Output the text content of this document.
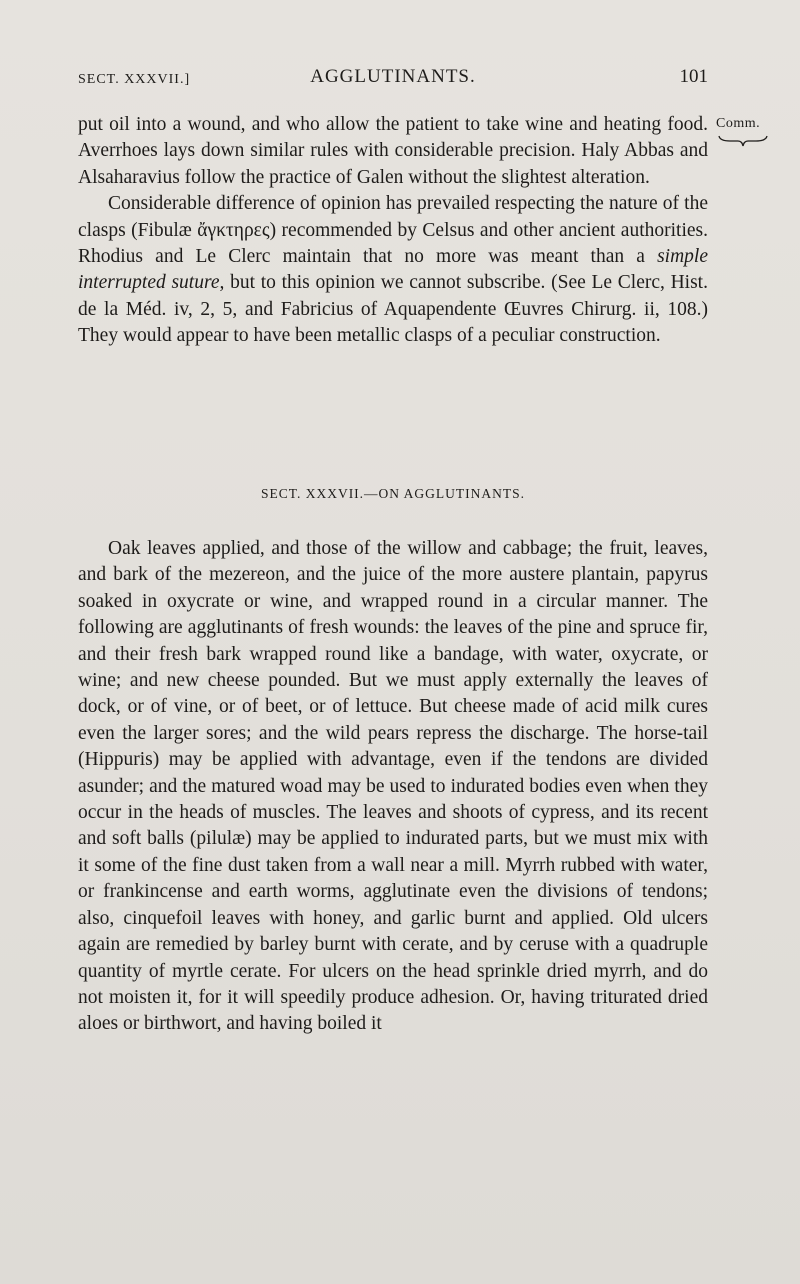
SECT. XXXVII.]	AGGLUTINANTS.	101
Comm.

put oil into a wound, and who allow the patient to take wine and heating food. Averrhoes lays down similar rules with considerable precision. Haly Abbas and Alsaharavius follow the practice of Galen without the slightest alteration.

Considerable difference of opinion has prevailed respecting the nature of the clasps (Fibulæ ἄγκτηρες) recommended by Celsus and other ancient authorities. Rhodius and Le Clerc maintain that no more was meant than a simple interrupted suture, but to this opinion we cannot subscribe. (See Le Clerc, Hist. de la Méd. iv, 2, 5, and Fabricius of Aquapendente Œuvres Chirurg. ii, 108.) They would appear to have been metallic clasps of a peculiar construction.

SECT. XXXVII.—ON AGGLUTINANTS.

Oak leaves applied, and those of the willow and cabbage; the fruit, leaves, and bark of the mezereon, and the juice of the more austere plantain, papyrus soaked in oxycrate or wine, and wrapped round in a circular manner. The following are agglutinants of fresh wounds: the leaves of the pine and spruce fir, and their fresh bark wrapped round like a bandage, with water, oxycrate, or wine; and new cheese pounded. But we must apply externally the leaves of dock, or of vine, or of beet, or of lettuce. But cheese made of acid milk cures even the larger sores; and the wild pears repress the discharge. The horse-tail (Hippuris) may be applied with advantage, even if the tendons are divided asunder; and the matured woad may be used to indurated bodies even when they occur in the heads of muscles. The leaves and shoots of cypress, and its recent and soft balls (pilulæ) may be applied to indurated parts, but we must mix with it some of the fine dust taken from a wall near a mill. Myrrh rubbed with water, or frankincense and earth worms, agglutinate even the divisions of tendons; also, cinquefoil leaves with honey, and garlic burnt and applied. Old ulcers again are remedied by barley burnt with cerate, and by ceruse with a quadruple quantity of myrtle cerate. For ulcers on the head sprinkle dried myrrh, and do not moisten it, for it will speedily produce adhesion. Or, having triturated dried aloes or birthwort, and having boiled it
